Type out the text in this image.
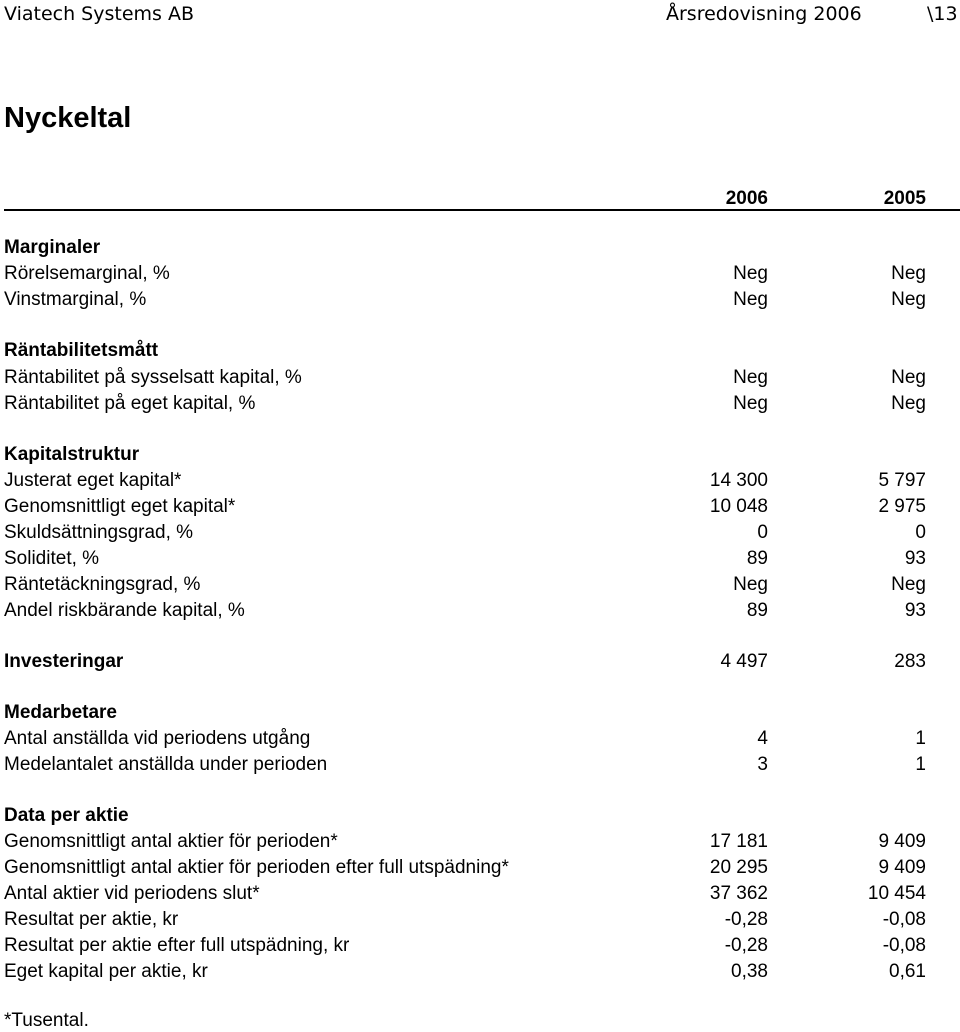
Viatech Systems AB	Årsredovisning 2006	\13
Nyckeltal
2006	2005
Marginaler
Rörelsemarginal, %	Neg	Neg
Vinstmarginal, %	Neg	Neg
Räntabilitetsmått
Räntabilitet på sysselsatt kapital, %	Neg	Neg
Räntabilitet på eget kapital, %	Neg	Neg
Kapitalstruktur
Justerat eget kapital*	14 300	5 797
Genomsnittligt eget kapital*	10 048	2 975
Skuldsättningsgrad, %	0	0
Soliditet, %	89	93
Räntetäckningsgrad, %	Neg	Neg
Andel riskbärande kapital, %	89	93
Investeringar	4 497	283
Medarbetare
Antal anställda vid periodens utgång	4	1
Medelantalet anställda under perioden	3	1
Data per aktie
Genomsnittligt antal aktier för perioden*	17 181	9 409
Genomsnittligt antal aktier för perioden efter full utspädning*	20 295	9 409
Antal aktier vid periodens slut*	37 362	10 454
Resultat per aktie, kr	-0,28	-0,08
Resultat per aktie efter full utspädning, kr	-0,28	-0,08
Eget kapital per aktie, kr	0,38	0,61
*Tusental.
